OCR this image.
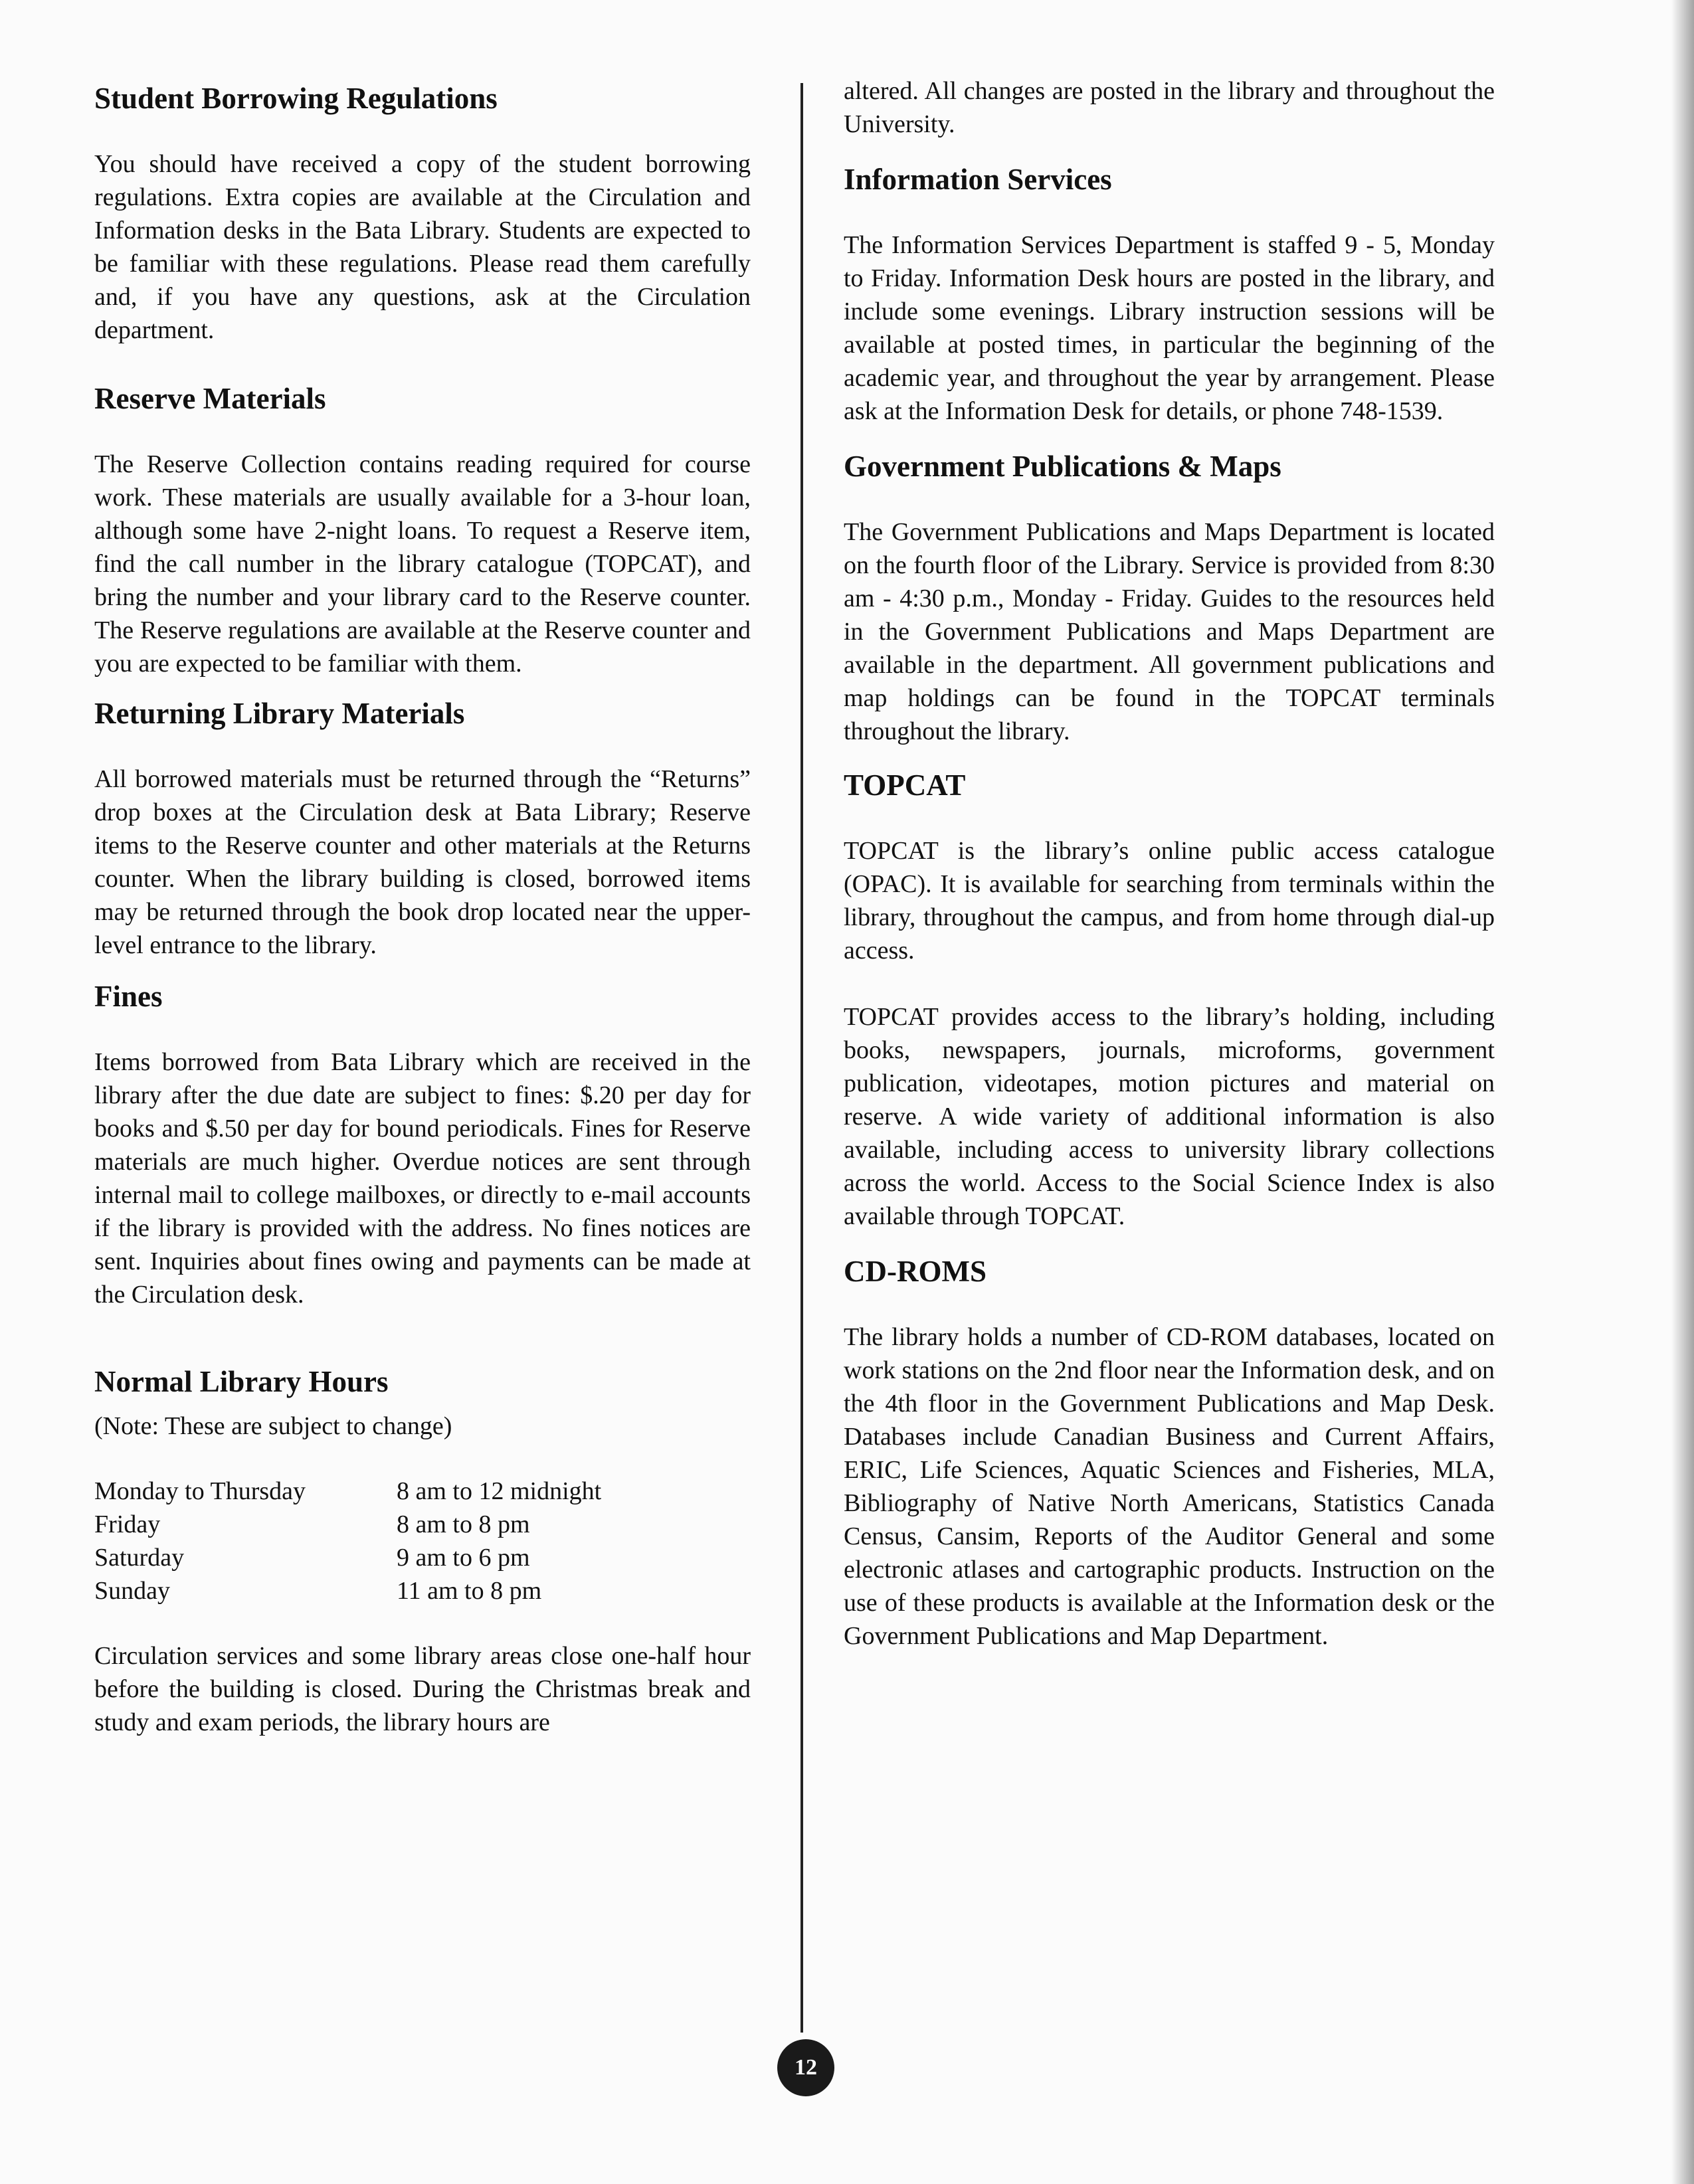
Student Borrowing Regulations

You should have received a copy of the student borrowing regulations. Extra copies are available at the Circulation and Information desks in the Bata Library. Students are expected to be familiar with these regulations. Please read them carefully and, if you have any questions, ask at the Circulation department.

Reserve Materials

The Reserve Collection contains reading required for course work. These materials are usually available for a 3-hour loan, although some have 2-night loans. To request a Reserve item, find the call number in the library catalogue (TOPCAT), and bring the number and your library card to the Reserve counter. The Reserve regulations are available at the Reserve counter and you are expected to be familiar with them.

Returning Library Materials

All borrowed materials must be returned through the “Returns” drop boxes at the Circulation desk at Bata Library; Reserve items to the Reserve counter and other materials at the Returns counter. When the library building is closed, borrowed items may be returned through the book drop located near the upper-level entrance to the library.

Fines

Items borrowed from Bata Library which are received in the library after the due date are subject to fines: $.20 per day for books and $.50 per day for bound periodicals. Fines for Reserve materials are much higher. Overdue notices are sent through internal mail to college mailboxes, or directly to e-mail accounts if the library is provided with the address. No fines notices are sent. Inquiries about fines owing and payments can be made at the Circulation desk.

Normal Library Hours

(Note: These are subject to change)

Monday to Thursday	8 am to 12 midnight
Friday	8 am to 8 pm
Saturday	9 am to 6 pm
Sunday	11 am to 8 pm

Circulation services and some library areas close one-half hour before the building is closed. During the Christmas break and study and exam periods, the library hours are

altered. All changes are posted in the library and throughout the University.

Information Services

The Information Services Department is staffed 9 - 5, Monday to Friday. Information Desk hours are posted in the library, and include some evenings. Library instruction sessions will be available at posted times, in particular the beginning of the academic year, and throughout the year by arrangement. Please ask at the Information Desk for details, or phone 748-1539.

Government Publications & Maps

The Government Publications and Maps Department is located on the fourth floor of the Library. Service is provided from 8:30 am - 4:30 p.m., Monday - Friday. Guides to the resources held in the Government Publications and Maps Department are available in the department. All government publications and map holdings can be found in the TOPCAT terminals throughout the library.

TOPCAT

TOPCAT is the library’s online public access catalogue (OPAC). It is available for searching from terminals within the library, throughout the campus, and from home through dial-up access.

TOPCAT provides access to the library’s holding, including books, newspapers, journals, microforms, government publication, videotapes, motion pictures and material on reserve. A wide variety of additional information is also available, including access to university library collections across the world. Access to the Social Science Index is also available through TOPCAT.

CD-ROMS

The library holds a number of CD-ROM databases, located on work stations on the 2nd floor near the Information desk, and on the 4th floor in the Government Publications and Map Desk. Databases include Canadian Business and Current Affairs, ERIC, Life Sciences, Aquatic Sciences and Fisheries, MLA, Bibliography of Native North Americans, Statistics Canada Census, Cansim, Reports of the Auditor General and some electronic atlases and cartographic products. Instruction on the use of these products is available at the Information desk or the Government Publications and Map Department.

12
